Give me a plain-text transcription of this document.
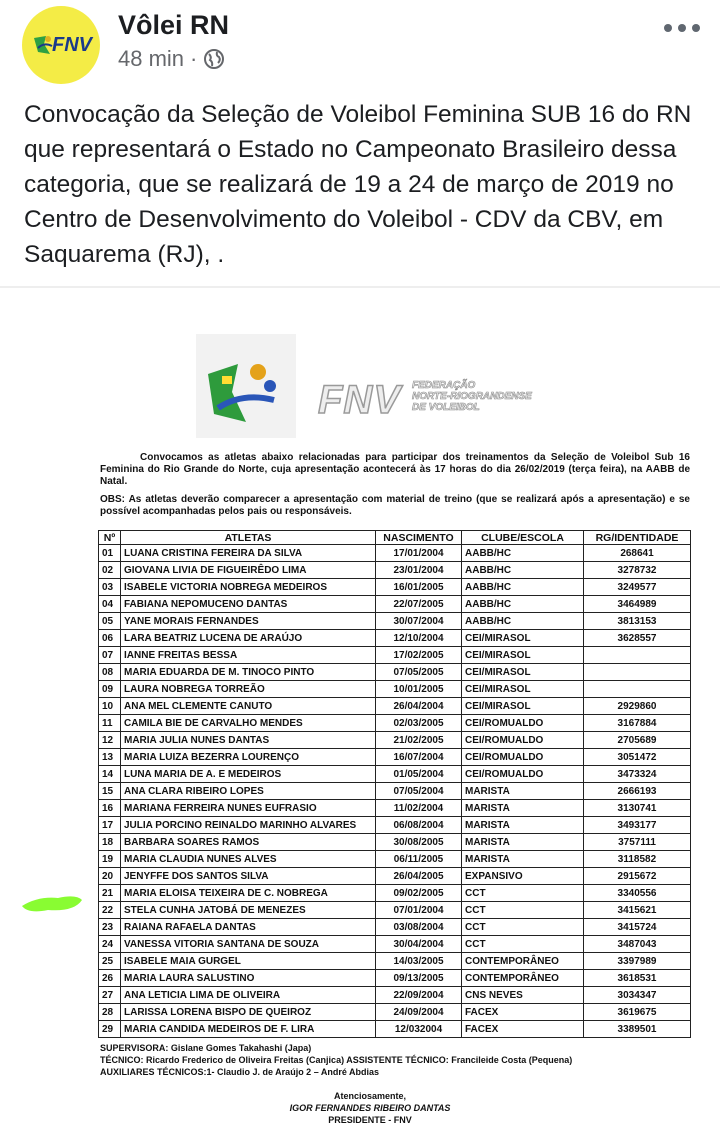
FNV
Vôlei RN
48 min ·
Convocação da Seleção de Voleibol Feminina SUB 16 do RN que representará o Estado no Campeonato Brasileiro dessa categoria, que se realizará de 19 a 24 de março de 2019 no Centro de Desenvolvimento do Voleibol - CDV da CBV, em Saquarema (RJ), .
FNV FEDERAÇÃO
NORTE-RIOGRANDENSE
DE VOLEIBOL

Convocamos as atletas abaixo relacionadas para participar dos treinamentos da Seleção de Voleibol Sub 16 Feminina do Rio Grande do Norte, cuja apresentação acontecerá às 17 horas do dia 26/02/2019 (terça feira), na AABB de Natal.

OBS: As atletas deverão comparecer a apresentação com material de treino (que se realizará após a apresentação) e se possível acompanhadas pelos pais ou responsáveis.
Nº	ATLETAS	NASCIMENTO	CLUBE/ESCOLA	RG/IDENTIDADE
01	LUANA CRISTINA FEREIRA DA SILVA	17/01/2004	AABB/HC	268641
02	GIOVANA LIVIA DE FIGUEIRÊDO LIMA	23/01/2004	AABB/HC	3278732
03	ISABELE VICTORIA NOBREGA MEDEIROS	16/01/2005	AABB/HC	3249577
04	FABIANA NEPOMUCENO DANTAS	22/07/2005	AABB/HC	3464989
05	YANE MORAIS FERNANDES	30/07/2004	AABB/HC	3813153
06	LARA BEATRIZ LUCENA DE ARAÚJO	12/10/2004	CEI/MIRASOL	3628557
07	IANNE FREITAS BESSA	17/02/2005	CEI/MIRASOL	
08	MARIA EDUARDA DE M. TINOCO PINTO	07/05/2005	CEI/MIRASOL	
09	LAURA NOBREGA TORREÃO	10/01/2005	CEI/MIRASOL	
10	ANA MEL CLEMENTE CANUTO	26/04/2004	CEI/MIRASOL	2929860
11	CAMILA BIE DE CARVALHO MENDES	02/03/2005	CEI/ROMUALDO	3167884
12	MARIA JULIA NUNES DANTAS	21/02/2005	CEI/ROMUALDO	2705689
13	MARIA LUIZA BEZERRA LOURENÇO	16/07/2004	CEI/ROMUALDO	3051472
14	LUNA MARIA DE A. E MEDEIROS	01/05/2004	CEI/ROMUALDO	3473324
15	ANA CLARA RIBEIRO LOPES	07/05/2004	MARISTA	2666193
16	MARIANA FERREIRA NUNES EUFRASIO	11/02/2004	MARISTA	3130741
17	JULIA PORCINO REINALDO MARINHO ALVARES	06/08/2004	MARISTA	3493177
18	BARBARA SOARES RAMOS	30/08/2005	MARISTA	3757111
19	MARIA CLAUDIA NUNES ALVES	06/11/2005	MARISTA	3118582
20	JENYFFE DOS SANTOS SILVA	26/04/2005	EXPANSIVO	2915672
21	MARIA ELOISA TEIXEIRA DE C. NOBREGA	09/02/2005	CCT	3340556
22	STELA CUNHA JATOBÁ DE MENEZES	07/01/2004	CCT	3415621
23	RAIANA RAFAELA DANTAS	03/08/2004	CCT	3415724
24	VANESSA VITORIA SANTANA DE SOUZA	30/04/2004	CCT	3487043
25	ISABELE MAIA GURGEL	14/03/2005	CONTEMPORÂNEO	3397989
26	MARIA LAURA SALUSTINO	09/13/2005	CONTEMPORÂNEO	3618531
27	ANA LETICIA LIMA DE OLIVEIRA	22/09/2004	CNS NEVES	3034347
28	LARISSA LORENA BISPO DE QUEIROZ	24/09/2004	FACEX	3619675
29	MARIA CANDIDA MEDEIROS DE F. LIRA	12/032004	FACEX	3389501
SUPERVISORA: Gislane Gomes Takahashi (Japa)
TÉCNICO: Ricardo Frederico de Oliveira Freitas (Canjica) ASSISTENTE TÉCNICO: Francileide Costa (Pequena)
AUXILIARES TÉCNICOS:1- Claudio J. de Araújo 2 – André Abdias
Atenciosamente,
IGOR FERNANDES RIBEIRO DANTAS
PRESIDENTE - FNV
